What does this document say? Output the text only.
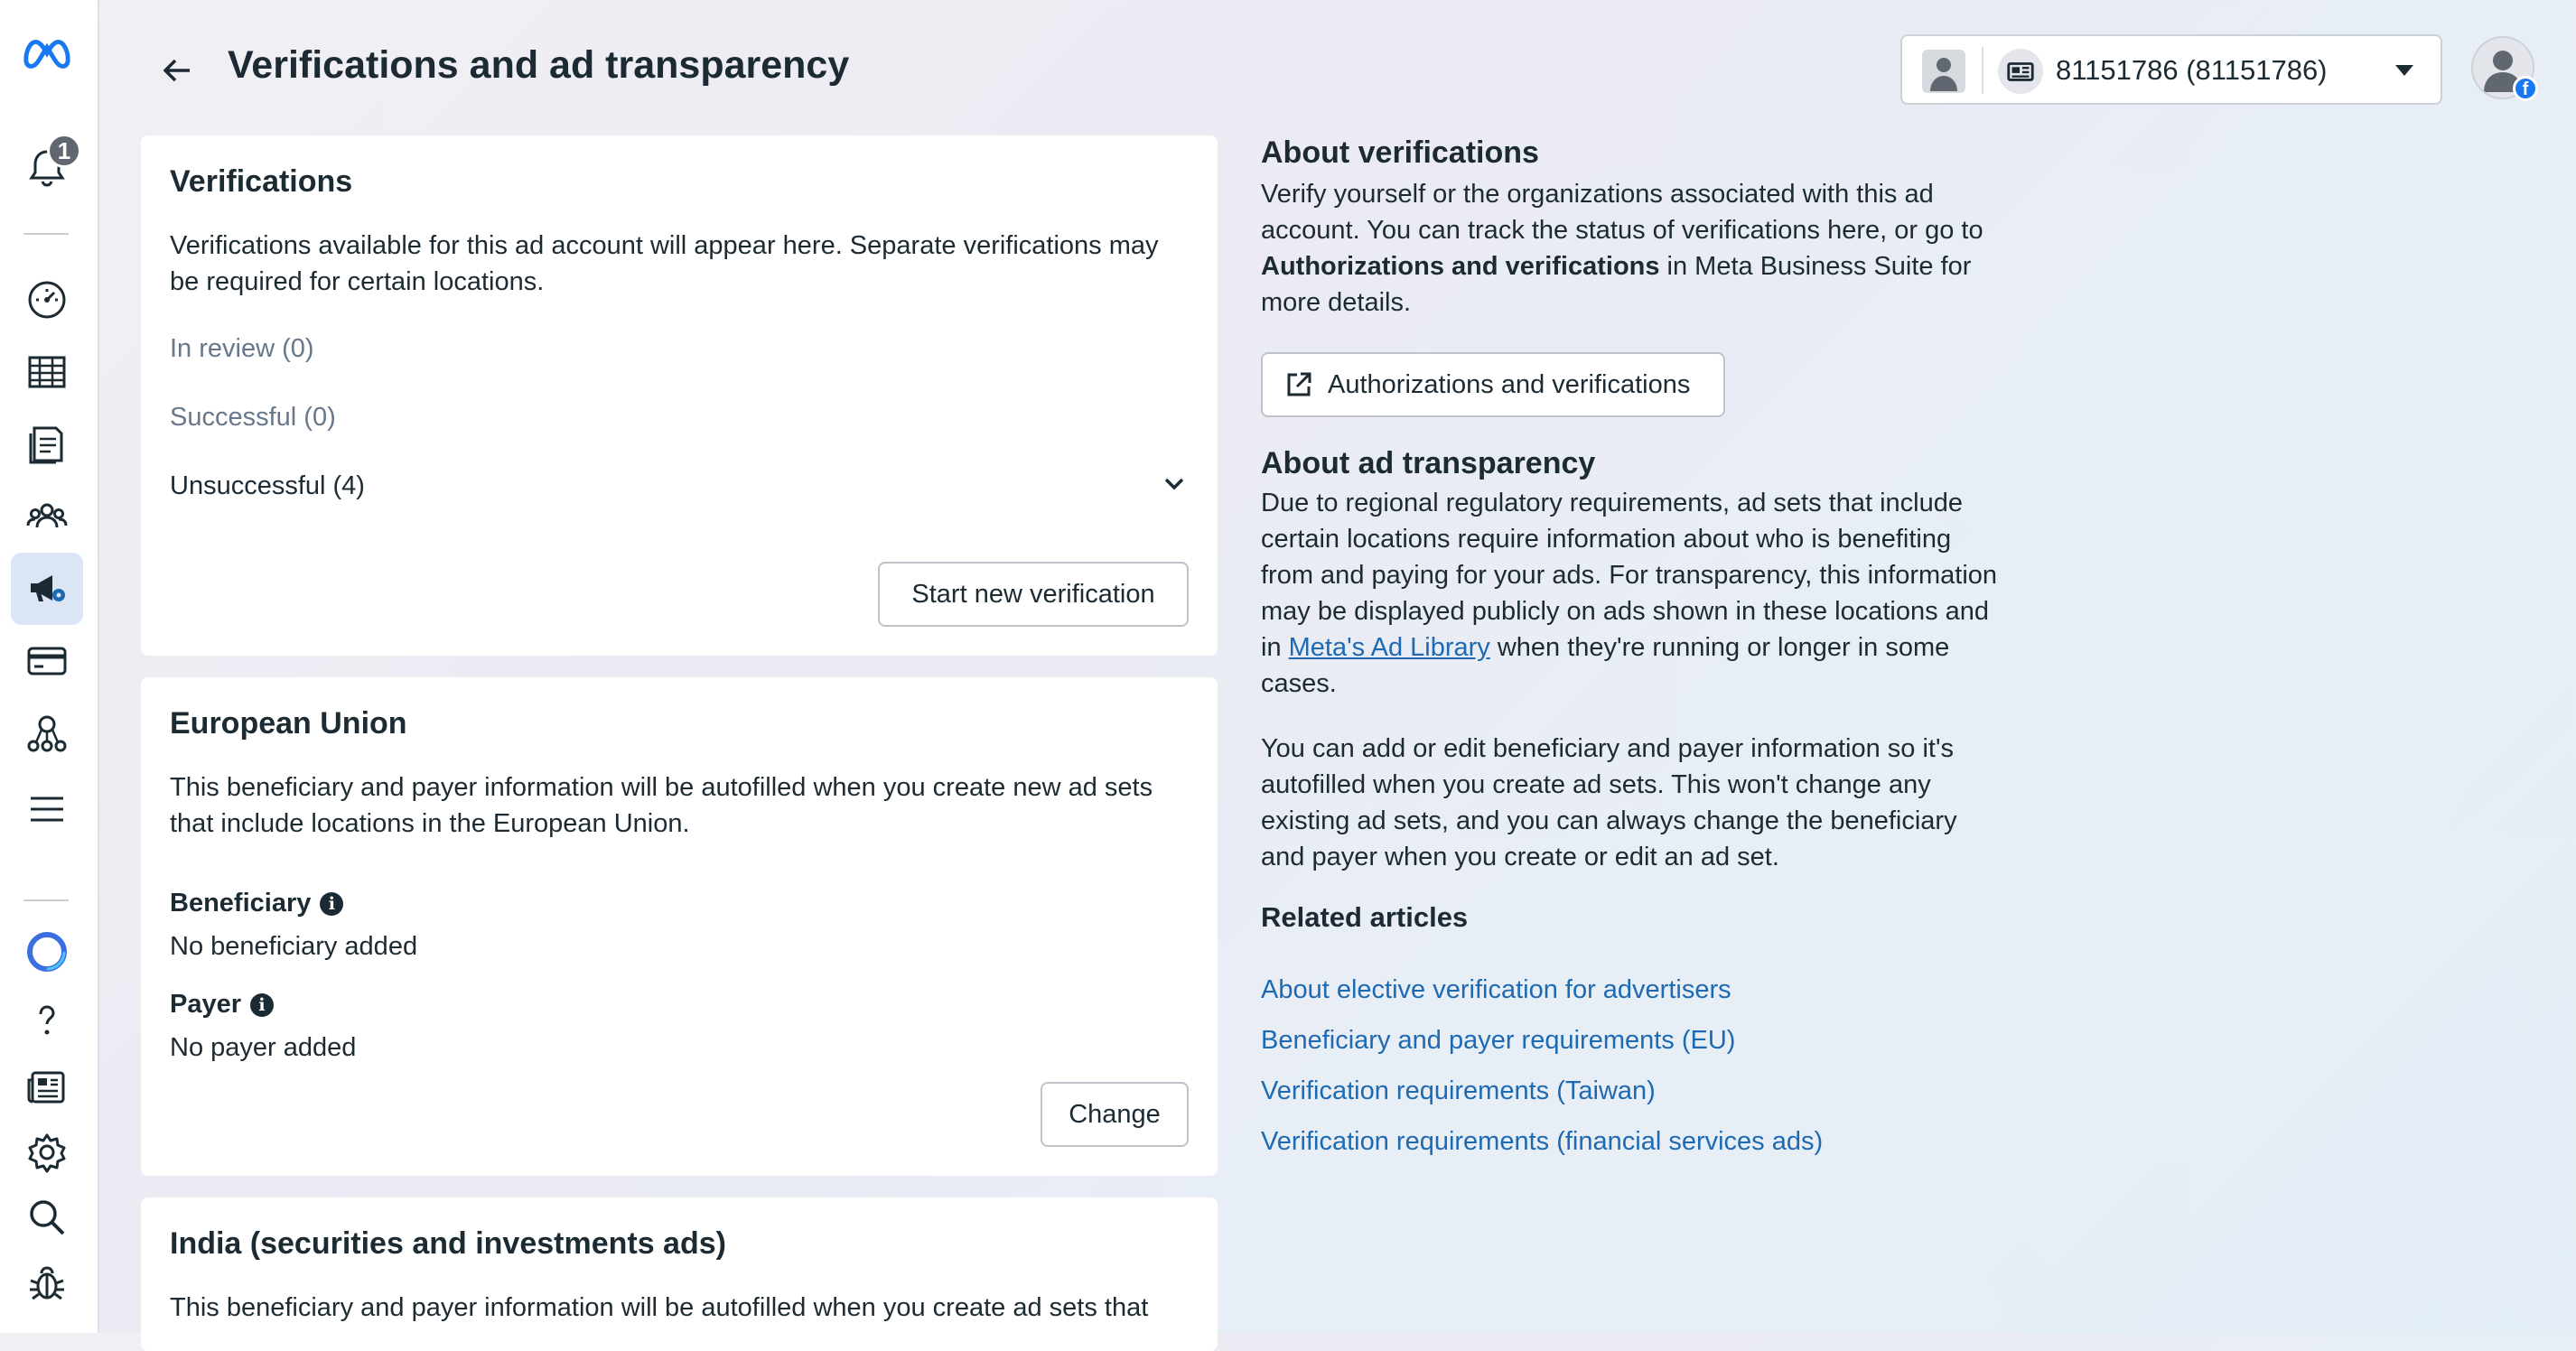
1
Verifications and ad transparency	81151786 (81151786)
f
Verifications

Verifications available for this ad account will appear here. Separate verifications may be required for certain locations.

In review (0)
Successful (0)
Unsuccessful (4)
Start new verification
European Union

This beneficiary and payer information will be autofilled when you create new ad sets that include locations in the European Union.

Beneficiary	i
No beneficiary added
Payer	i
No payer added
Change
India (securities and investments ads)

This beneficiary and payer information will be autofilled when you create ad sets that

About verifications

Verify yourself or the organizations associated with this ad account. You can track the status of verifications here, or go to Authorizations and verifications in Meta Business Suite for more details.

Authorizations and verifications
About ad transparency

Due to regional regulatory requirements, ad sets that include certain locations require information about who is benefiting from and paying for your ads. For transparency, this information may be displayed publicly on ads shown in these locations and in Meta's Ad Library when they're running or longer in some cases.

You can add or edit beneficiary and payer information so it's autofilled when you create ad sets. This won't change any existing ad sets, and you can always change the beneficiary and payer when you create or edit an ad set.

Related articles
About elective verification for advertisers
Beneficiary and payer requirements (EU)
Verification requirements (Taiwan)
Verification requirements (financial services ads)
